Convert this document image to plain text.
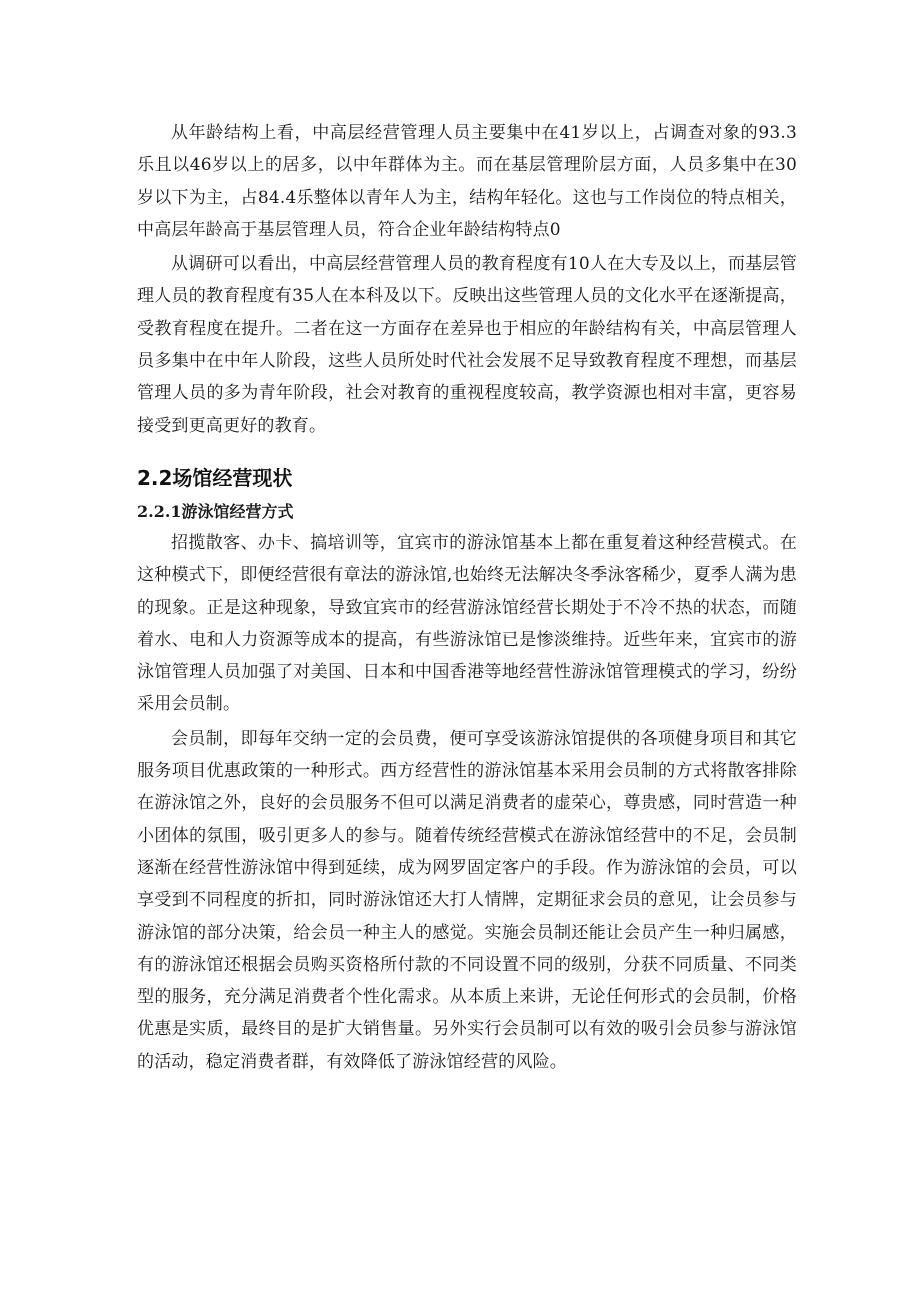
从年龄结构上看，中高层经营管理人员主要集中在41岁以上，占调查对象的93.3乐且以46岁以上的居多，以中年群体为主。而在基层管理阶层方面，人员多集中在30岁以下为主，占84.4乐整体以青年人为主，结构年轻化。这也与工作岗位的特点相关，中高层年龄高于基层管理人员，符合企业年龄结构特点0

从调研可以看出，中高层经营管理人员的教育程度有10人在大专及以上，而基层管理人员的教育程度有35人在本科及以下。反映出这些管理人员的文化水平在逐渐提高，受教育程度在提升。二者在这一方面存在差异也于相应的年龄结构有关，中高层管理人员多集中在中年人阶段，这些人员所处时代社会发展不足导致教育程度不理想，而基层管理人员的多为青年阶段，社会对教育的重视程度较高，教学资源也相对丰富，更容易接受到更高更好的教育。

2.2场馆经营现状
2.2.1游泳馆经营方式

招揽散客、办卡、搞培训等，宜宾市的游泳馆基本上都在重复着这种经营模式。在这种模式下，即便经营很有章法的游泳馆,也始终无法解决冬季泳客稀少，夏季人满为患的现象。正是这种现象，导致宜宾市的经营游泳馆经营长期处于不冷不热的状态，而随着水、电和人力资源等成本的提高，有些游泳馆已是惨淡维持。近些年来，宜宾市的游泳馆管理人员加强了对美国、日本和中国香港等地经营性游泳馆管理模式的学习，纷纷采用会员制。

会员制，即每年交纳一定的会员费，便可享受该游泳馆提供的各项健身项目和其它服务项目优惠政策的一种形式。西方经营性的游泳馆基本采用会员制的方式将散客排除在游泳馆之外，良好的会员服务不但可以满足消费者的虚荣心，尊贵感，同时营造一种小团体的氛围，吸引更多人的参与。随着传统经营模式在游泳馆经营中的不足，会员制逐渐在经营性游泳馆中得到延续，成为网罗固定客户的手段。作为游泳馆的会员，可以享受到不同程度的折扣，同时游泳馆还大打人情牌，定期征求会员的意见，让会员参与游泳馆的部分决策，给会员一种主人的感觉。实施会员制还能让会员产生一种归属感，有的游泳馆还根据会员购买资格所付款的不同设置不同的级别，分获不同质量、不同类型的服务，充分满足消费者个性化需求。从本质上来讲，无论任何形式的会员制，价格优惠是实质，最终目的是扩大销售量。另外实行会员制可以有效的吸引会员参与游泳馆的活动，稳定消费者群，有效降低了游泳馆经营的风险。
